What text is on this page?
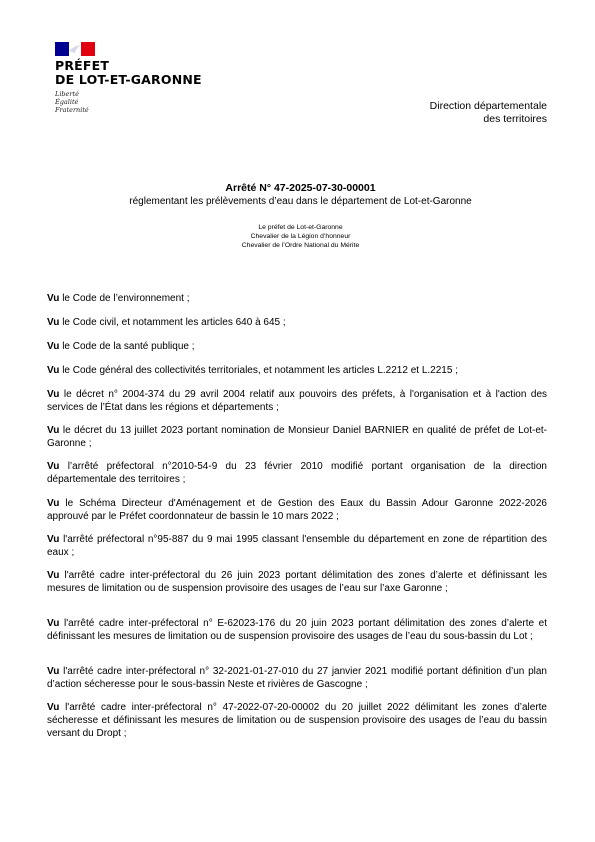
PRÉFET
DE LOT-ET-GARONNE
Liberté
Égalité
Fraternité	Direction départementale
des territoires
Arrêté N° 47-2025-07-30-00001
réglementant les prélèvements d’eau dans le département de Lot-et-Garonne
Le préfet de Lot-et-Garonne
Chevalier de la Légion d’honneur
Chevalier de l’Ordre National du Mérite
Vu le Code de l’environnement ;
Vu le Code civil, et notamment les articles 640 à 645 ;
Vu le Code de la santé publique ;
Vu le Code général des collectivités territoriales, et notamment les articles L.2212 et L.2215 ;
Vu le décret n° 2004-374 du 29 avril 2004 relatif aux pouvoirs des préfets, à l'organisation et à l'action des services de l’État dans les régions et départements ;
Vu le décret du 13 juillet 2023 portant nomination de Monsieur Daniel BARNIER en qualité de préfet de Lot-et-Garonne ;
Vu l’arrêté préfectoral n°2010-54-9 du 23 février 2010 modifié portant organisation de la direction départementale des territoires ;
Vu le Schéma Directeur d'Aménagement et de Gestion des Eaux du Bassin Adour Garonne 2022-2026 approuvé par le Préfet coordonnateur de bassin le 10 mars 2022 ;
Vu l'arrêté préfectoral n°95-887 du 9 mai 1995 classant l'ensemble du département en zone de répartition des eaux ;
Vu l'arrêté cadre inter-préfectoral du 26 juin 2023 portant délimitation des zones d’alerte et définissant les mesures de limitation ou de suspension provisoire des usages de l’eau sur l’axe Garonne ;
Vu l'arrêté cadre inter-préfectoral n° E-62023-176 du 20 juin 2023 portant délimitation des zones d’alerte et définissant les mesures de limitation ou de suspension provisoire des usages de l’eau du sous-bassin du Lot ;
Vu l'arrêté cadre inter-préfectoral n° 32-2021-01-27-010 du 27 janvier 2021 modifié portant définition d’un plan d’action sécheresse pour le sous-bassin Neste et rivières de Gascogne ;
Vu l'arrêté cadre inter-préfectoral n° 47-2022-07-20-00002 du 20 juillet 2022 délimitant les zones d’alerte sécheresse et définissant les mesures de limitation ou de suspension provisoire des usages de l’eau du bassin versant du Dropt ;
